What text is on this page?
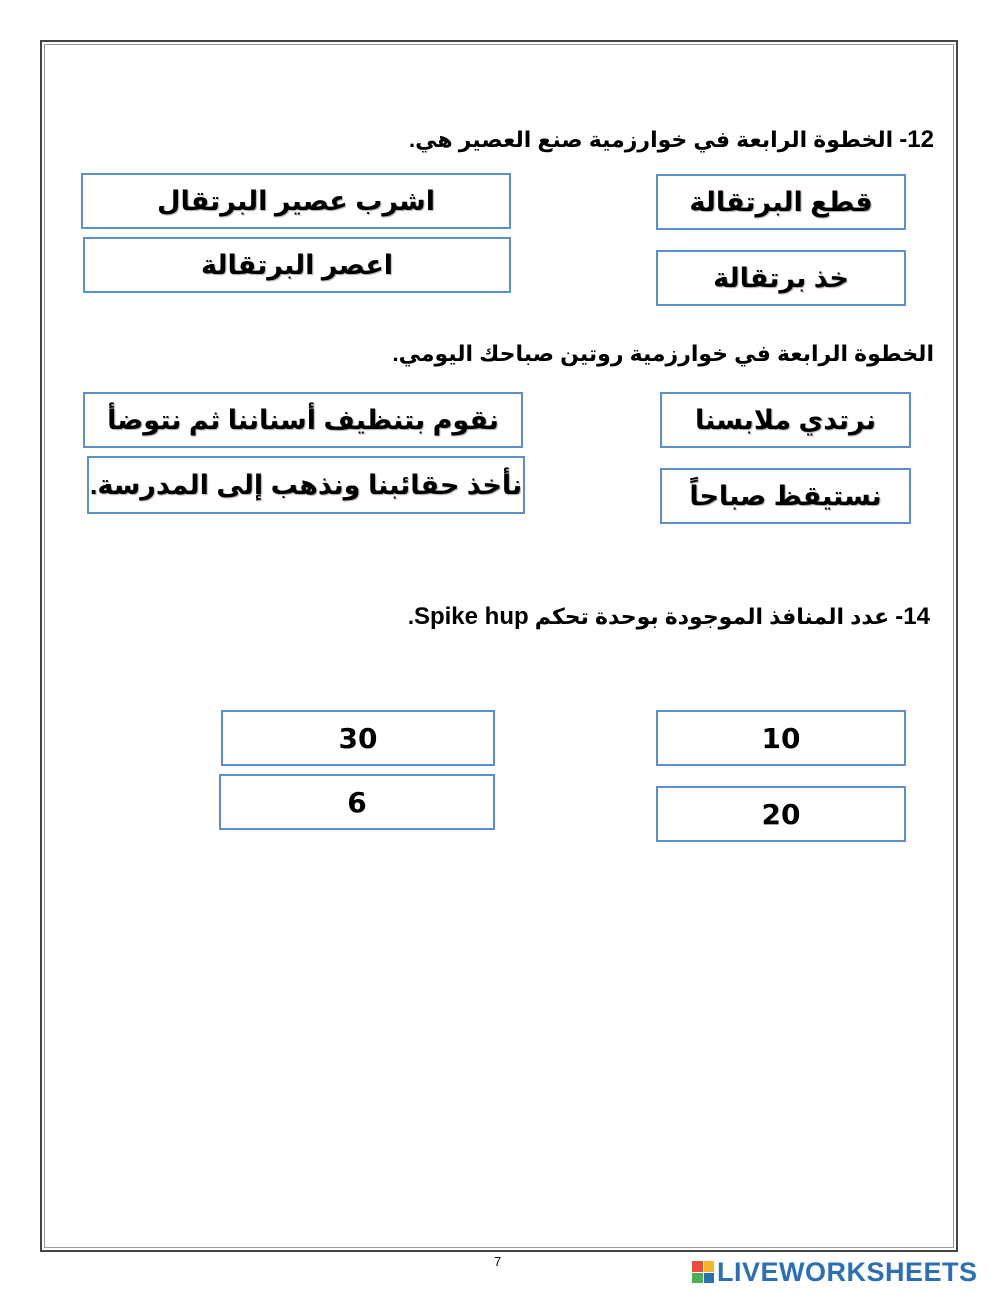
12- الخطوة الرابعة في خوارزمية صنع العصير هي.
اشرب عصير البرتقال
اعصر البرتقالة
قطع البرتقالة
خذ برتقالة
الخطوة الرابعة في خوارزمية روتين صباحك اليومي.
نقوم بتنظيف أسناننا ثم نتوضأ
نأخذ حقائبنا ونذهب إلى المدرسة.
نرتدي ملابسنا
نستيقظ صباحاً
14- عدد المنافذ الموجودة بوحدة تحكم Spike hup.
30
6
10
20
7	LIVEWORKSHEETS
